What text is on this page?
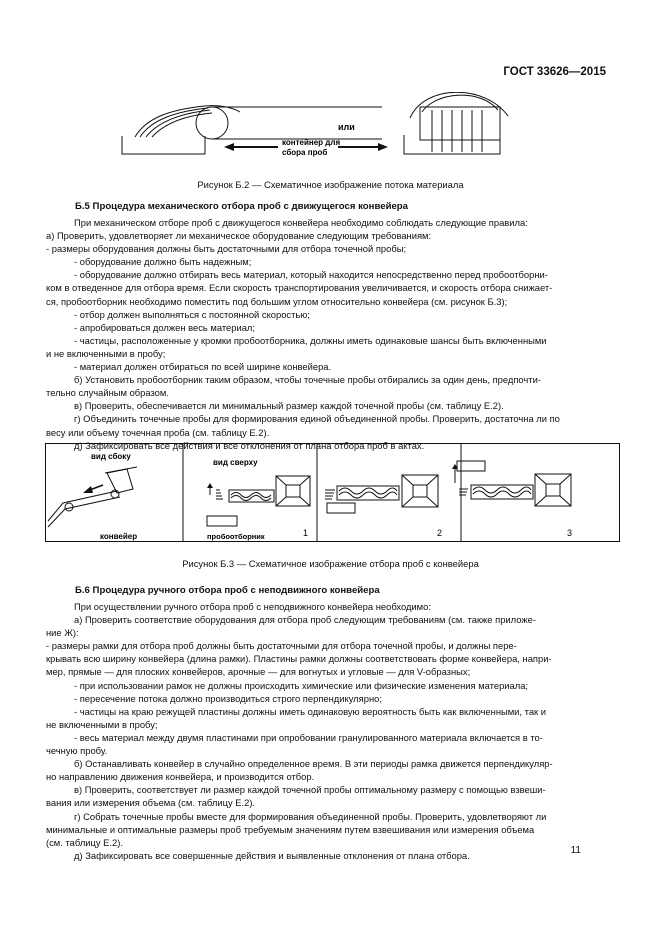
ГОСТ 33626—2015
или
контейнер для
сбора проб
Рисунок Б.2 — Схематичное изображение потока материала
Б.5 Процедура механического отбора проб с движущегося конвейера
При механическом отборе проб с движущегося конвейера необходимо соблюдать следующие правила:
а) Проверить, удовлетворяет ли механическое оборудование следующим требованиям:
- размеры оборудования должны быть достаточными для отбора точечной пробы;
- оборудование должно быть надежным;
- оборудование должно отбирать весь материал, который находится непосредственно перед пробоотборни-
ком в отведенное для отбора время. Если скорость транспортирования увеличивается, и скорость отбора снижает-
ся, пробоотборник необходимо поместить под большим углом относительно конвейера (см. рисунок Б.3);
- отбор должен выполняться с постоянной скоростью;
- апробироваться должен весь материал;
- частицы, расположенные у кромки пробоотборника, должны иметь одинаковые шансы быть включенными
и не включенными в пробу;
- материал должен отбираться по всей ширине конвейера.
б) Установить пробоотборник таким образом, чтобы точечные пробы отбирались за один день, предпочти-
тельно случайным образом.
в) Проверить, обеспечивается ли минимальный размер каждой точечной пробы (см. таблицу Е.2).
г) Объединить точечные пробы для формирования единой объединенной пробы. Проверить, достаточна ли по
весу или объему точечная проба (см. таблицу Е.2).
д) Зафиксировать все действия и все отклонения от плана отбора проб в актах.
вид сбоку
конвейер
вид сверху
пробоотборник	1	2	3
Рисунок Б.3 — Схематичное изображение отбора проб с конвейера
Б.6 Процедура ручного отбора проб с неподвижного конвейера
При осуществлении ручного отбора проб с неподвижного конвейера необходимо:
а) Проверить соответствие оборудования для отбора проб следующим требованиям (см. также приложе-
ние Ж):
- размеры рамки для отбора проб должны быть достаточными для отбора точечной пробы, и должны пере-
крывать всю ширину конвейера (длина рамки). Пластины рамки должны соответствовать форме конвейера, напри-
мер, прямые — для плоских конвейеров, арочные — для вогнутых и угловые — для V-образных;
- при использовании рамок не должны происходить химические или физические изменения материала;
- пересечение потока должно производиться строго перпендикулярно;
- частицы на краю режущей пластины должны иметь одинаковую вероятность быть как включенными, так и
не включенными в пробу;
- весь материал между двумя пластинами при опробовании гранулированного материала включается в то-
чечную пробу.
б) Останавливать конвейер в случайно определенное время. В эти периоды рамка движется перпендикуляр-
но направлению движения конвейера, и производится отбор.
в) Проверить, соответствует ли размер каждой точечной пробы оптимальному размеру с помощью взвеши-
вания или измерения объема (см. таблицу Е.2).
г) Собрать точечные пробы вместе для формирования объединенной пробы. Проверить, удовлетворяют ли
минимальные и оптимальные размеры проб требуемым значениям путем взвешивания или измерения объема
(см. таблицу Е.2).
д) Зафиксировать все совершенные действия и выявленные отклонения от плана отбора.	11
